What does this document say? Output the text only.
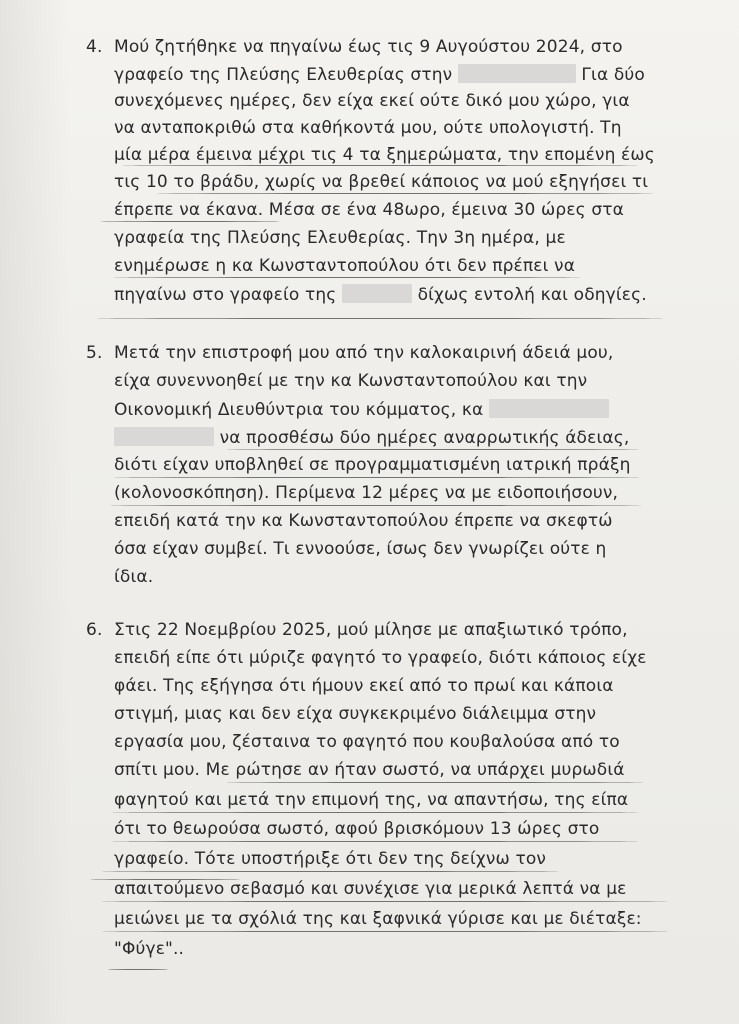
4. Μού ζητήθηκε να πηγαίνω έως τις 9 Αυγούστου 2024, στο
γραφείο της Πλεύσης Ελευθερίας στην	Για δύο
συνεχόμενες ημέρες, δεν είχα εκεί ούτε δικό μου χώρο, για
να ανταποκριθώ στα καθήκοντά μου, ούτε υπολογιστή. Τη
μία μέρα έμεινα μέχρι τις 4 τα ξημερώματα, την επομένη έως
τις 10 το βράδυ, χωρίς να βρεθεί κάποιος να μού εξηγήσει τι
έπρεπε να έκανα. Μέσα σε ένα 48ωρο, έμεινα 30 ώρες στα
γραφεία της Πλεύσης Ελευθερίας. Την 3η ημέρα, με
ενημέρωσε η κα Κωνσταντοπούλου ότι δεν πρέπει να
πηγαίνω στο γραφείο της	δίχως εντολή και οδηγίες.
5. Μετά την επιστροφή μου από την καλοκαιρινή άδειά μου,
είχα συνεννοηθεί με την κα Κωνσταντοπούλου και την
Οικονομική Διευθύντρια του κόμματος, κα
να προσθέσω δύο ημέρες αναρρωτικής άδειας,
διότι είχαν υποβληθεί σε προγραμματισμένη ιατρική πράξη
(κολονοσκόπηση). Περίμενα 12 μέρες να με ειδοποιήσουν,
επειδή κατά την κα Κωνσταντοπούλου έπρεπε να σκεφτώ
όσα είχαν συμβεί. Τι εννοούσε, ίσως δεν γνωρίζει ούτε η
ίδια.
6. Στις 22 Νοεμβρίου 2025, μού μίλησε με απαξιωτικό τρόπο,
επειδή είπε ότι μύριζε φαγητό το γραφείο, διότι κάποιος είχε
φάει. Της εξήγησα ότι ήμουν εκεί από το πρωί και κάποια
στιγμή, μιας και δεν είχα συγκεκριμένο διάλειμμα στην
εργασία μου, ζέσταινα το φαγητό που κουβαλούσα από το
σπίτι μου. Με ρώτησε αν ήταν σωστό, να υπάρχει μυρωδιά
φαγητού και μετά την επιμονή της, να απαντήσω, της είπα
ότι το θεωρούσα σωστό, αφού βρισκόμουν 13 ώρες στο
γραφείο. Τότε υποστήριξε ότι δεν της δείχνω τον
απαιτούμενο σεβασμό και συνέχισε για μερικά λεπτά να με
μειώνει με τα σχόλιά της και ξαφνικά γύρισε και με διέταξε:
"Φύγε"..
